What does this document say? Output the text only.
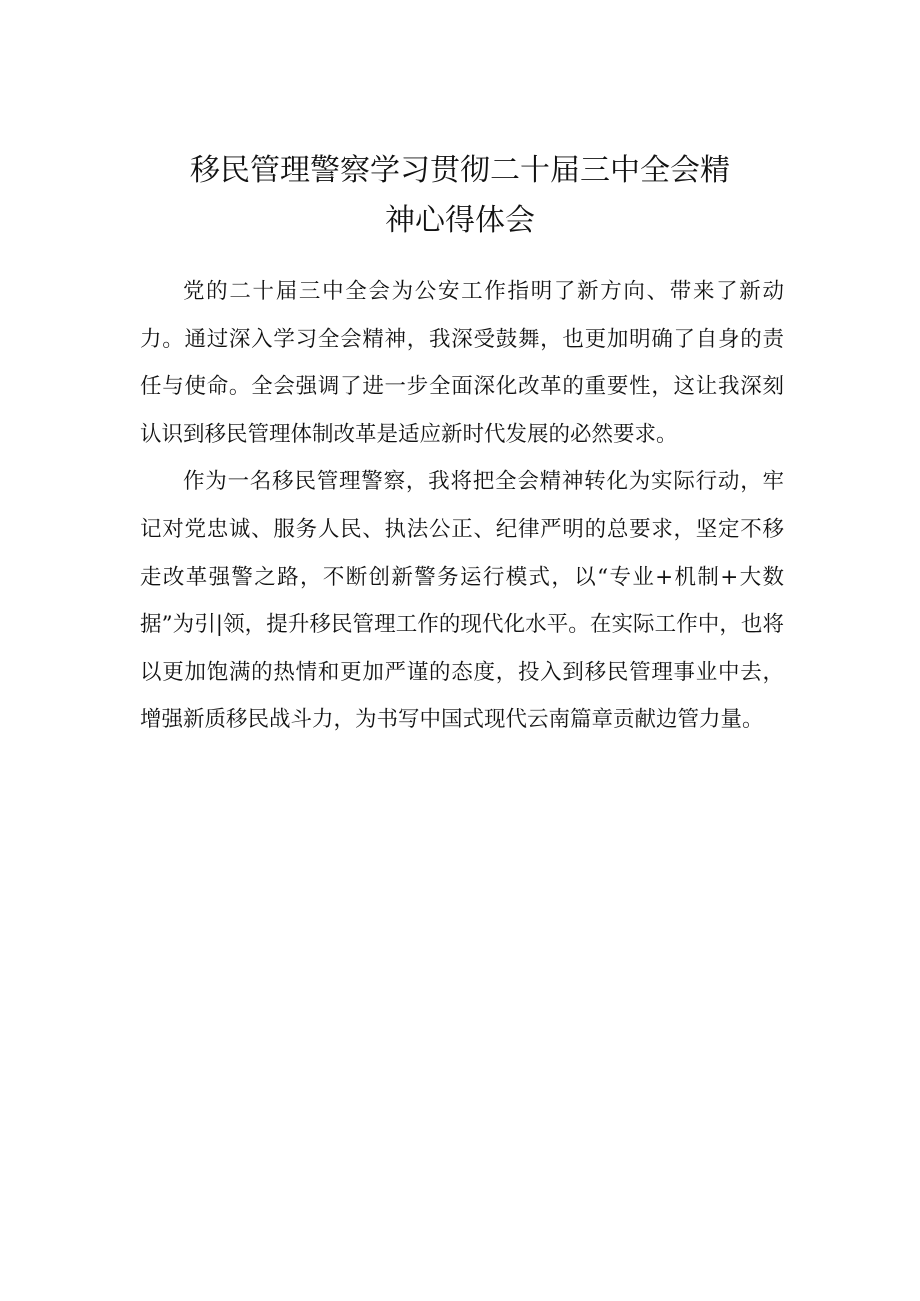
移民管理警察学习贯彻二十届三中全会精
神心得体会

党的二十届三中全会为公安工作指明了新方向、带来了新动力。通过深入学习全会精神，我深受鼓舞，也更加明确了自身的责任与使命。全会强调了进一步全面深化改革的重要性，这让我深刻认识到移民管理体制改革是适应新时代发展的必然要求。

作为一名移民管理警察，我将把全会精神转化为实际行动，牢记对党忠诚、服务人民、执法公正、纪律严明的总要求，坚定不移走改革强警之路，不断创新警务运行模式，以“专业+机制+大数据”为引|领，提升移民管理工作的现代化水平。在实际工作中，也将以更加饱满的热情和更加严谨的态度，投入到移民管理事业中去，增强新质移民战斗力，为书写中国式现代云南篇章贡献边管力量。
